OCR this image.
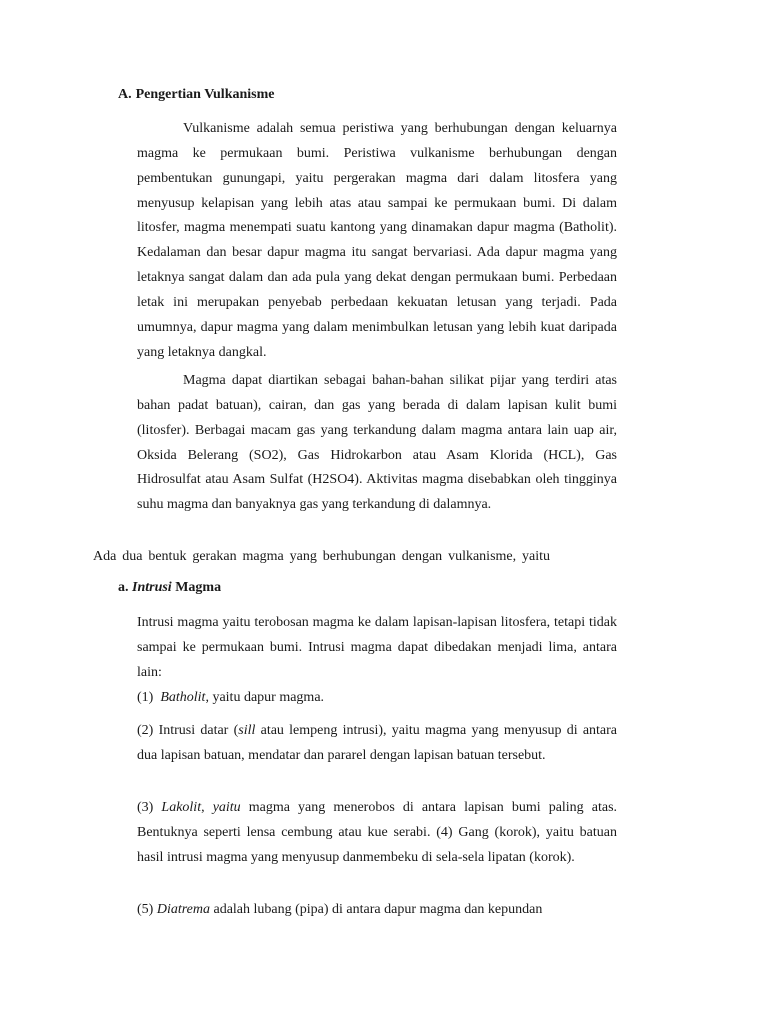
A. Pengertian Vulkanisme

Vulkanisme adalah semua peristiwa yang berhubungan dengan keluarnya magma ke permukaan bumi. Peristiwa vulkanisme berhubungan dengan pembentukan gunungapi, yaitu pergerakan magma dari dalam litosfera yang menyusup kelapisan yang lebih atas atau sampai ke permukaan bumi. Di dalam litosfer, magma menempati suatu kantong yang dinamakan dapur magma (Batholit). Kedalaman dan besar dapur magma itu sangat bervariasi. Ada dapur magma yang letaknya sangat dalam dan ada pula yang dekat dengan permukaan bumi. Perbedaan letak ini merupakan penyebab perbedaan kekuatan letusan yang terjadi. Pada umumnya, dapur magma yang dalam menimbulkan letusan yang lebih kuat daripada yang letaknya dangkal.

Magma dapat diartikan sebagai bahan-bahan silikat pijar yang terdiri atas bahan padat batuan), cairan, dan gas yang berada di dalam lapisan kulit bumi (litosfer). Berbagai macam gas yang terkandung dalam magma antara lain uap air, Oksida Belerang (SO2), Gas Hidrokarbon atau Asam Klorida (HCL), Gas Hidrosulfat atau Asam Sulfat (H2SO4). Aktivitas magma disebabkan oleh tingginya suhu magma dan banyaknya gas yang terkandung di dalamnya.

Ada dua bentuk gerakan magma yang berhubungan dengan vulkanisme, yaitu

a. Intrusi Magma

Intrusi magma yaitu terobosan magma ke dalam lapisan-lapisan litosfera, tetapi tidak sampai ke permukaan bumi. Intrusi magma dapat dibedakan menjadi lima, antara lain:

(1) Batholit, yaitu dapur magma.

(2) Intrusi datar (sill atau lempeng intrusi), yaitu magma yang menyusup di antara dua lapisan batuan, mendatar dan pararel dengan lapisan batuan tersebut.

(3) Lakolit, yaitu magma yang menerobos di antara lapisan bumi paling atas. Bentuknya seperti lensa cembung atau kue serabi. (4) Gang (korok), yaitu batuan hasil intrusi magma yang menyusup danmembeku di sela-sela lipatan (korok).

(5) Diatrema adalah lubang (pipa) di antara dapur magma dan kepundan
